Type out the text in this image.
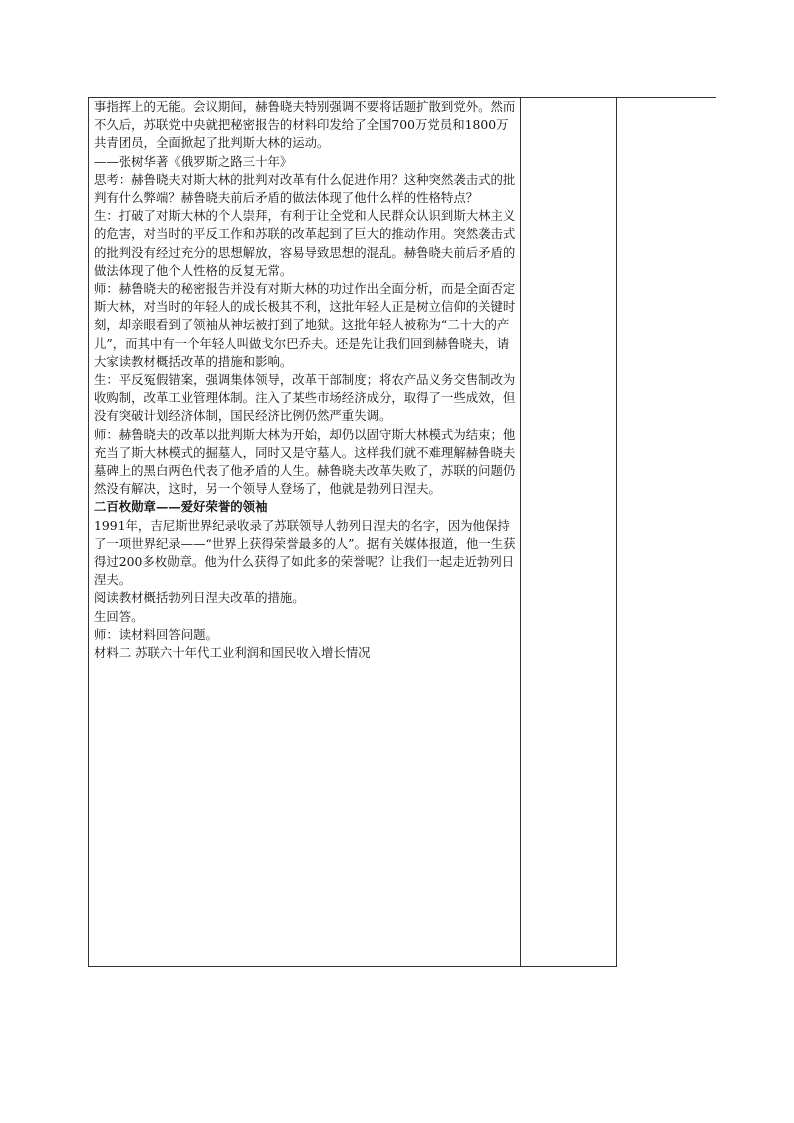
事指挥上的无能。会议期间，赫鲁晓夫特别强调不要将话题扩散到党外。然而不久后，苏联党中央就把秘密报告的材料印发给了全国700万党员和1800万共青团员，全面掀起了批判斯大林的运动。

——张树华著《俄罗斯之路三十年》

思考：赫鲁晓夫对斯大林的批判对改革有什么促进作用？这种突然袭击式的批判有什么弊端？赫鲁晓夫前后矛盾的做法体现了他什么样的性格特点？

生：打破了对斯大林的个人崇拜，有利于让全党和人民群众认识到斯大林主义的危害，对当时的平反工作和苏联的改革起到了巨大的推动作用。突然袭击式的批判没有经过充分的思想解放，容易导致思想的混乱。赫鲁晓夫前后矛盾的做法体现了他个人性格的反复无常。

师：赫鲁晓夫的秘密报告并没有对斯大林的功过作出全面分析，而是全面否定斯大林，对当时的年轻人的成长极其不利，这批年轻人正是树立信仰的关键时刻，却亲眼看到了领袖从神坛被打到了地狱。这批年轻人被称为“二十大的产儿”，而其中有一个年轻人叫做戈尔巴乔夫。还是先让我们回到赫鲁晓夫，请大家读教材概括改革的措施和影响。

生：平反冤假错案，强调集体领导，改革干部制度；将农产品义务交售制改为收购制，改革工业管理体制。注入了某些市场经济成分，取得了一些成效，但没有突破计划经济体制，国民经济比例仍然严重失调。

师：赫鲁晓夫的改革以批判斯大林为开始，却仍以固守斯大林模式为结束；他充当了斯大林模式的掘墓人，同时又是守墓人。这样我们就不难理解赫鲁晓夫墓碑上的黑白两色代表了他矛盾的人生。赫鲁晓夫改革失败了，苏联的问题仍然没有解决，这时，另一个领导人登场了，他就是勃列日涅夫。

二百枚勋章——爱好荣誉的领袖

1991年，吉尼斯世界纪录收录了苏联领导人勃列日涅夫的名字，因为他保持了一项世界纪录——“世界上获得荣誉最多的人”。据有关媒体报道，他一生获得过200多枚勋章。他为什么获得了如此多的荣誉呢？让我们一起走近勃列日涅夫。

阅读教材概括勃列日涅夫改革的措施。

生回答。

师：读材料回答问题。

材料二 苏联六十年代工业利润和国民收入增长情况
